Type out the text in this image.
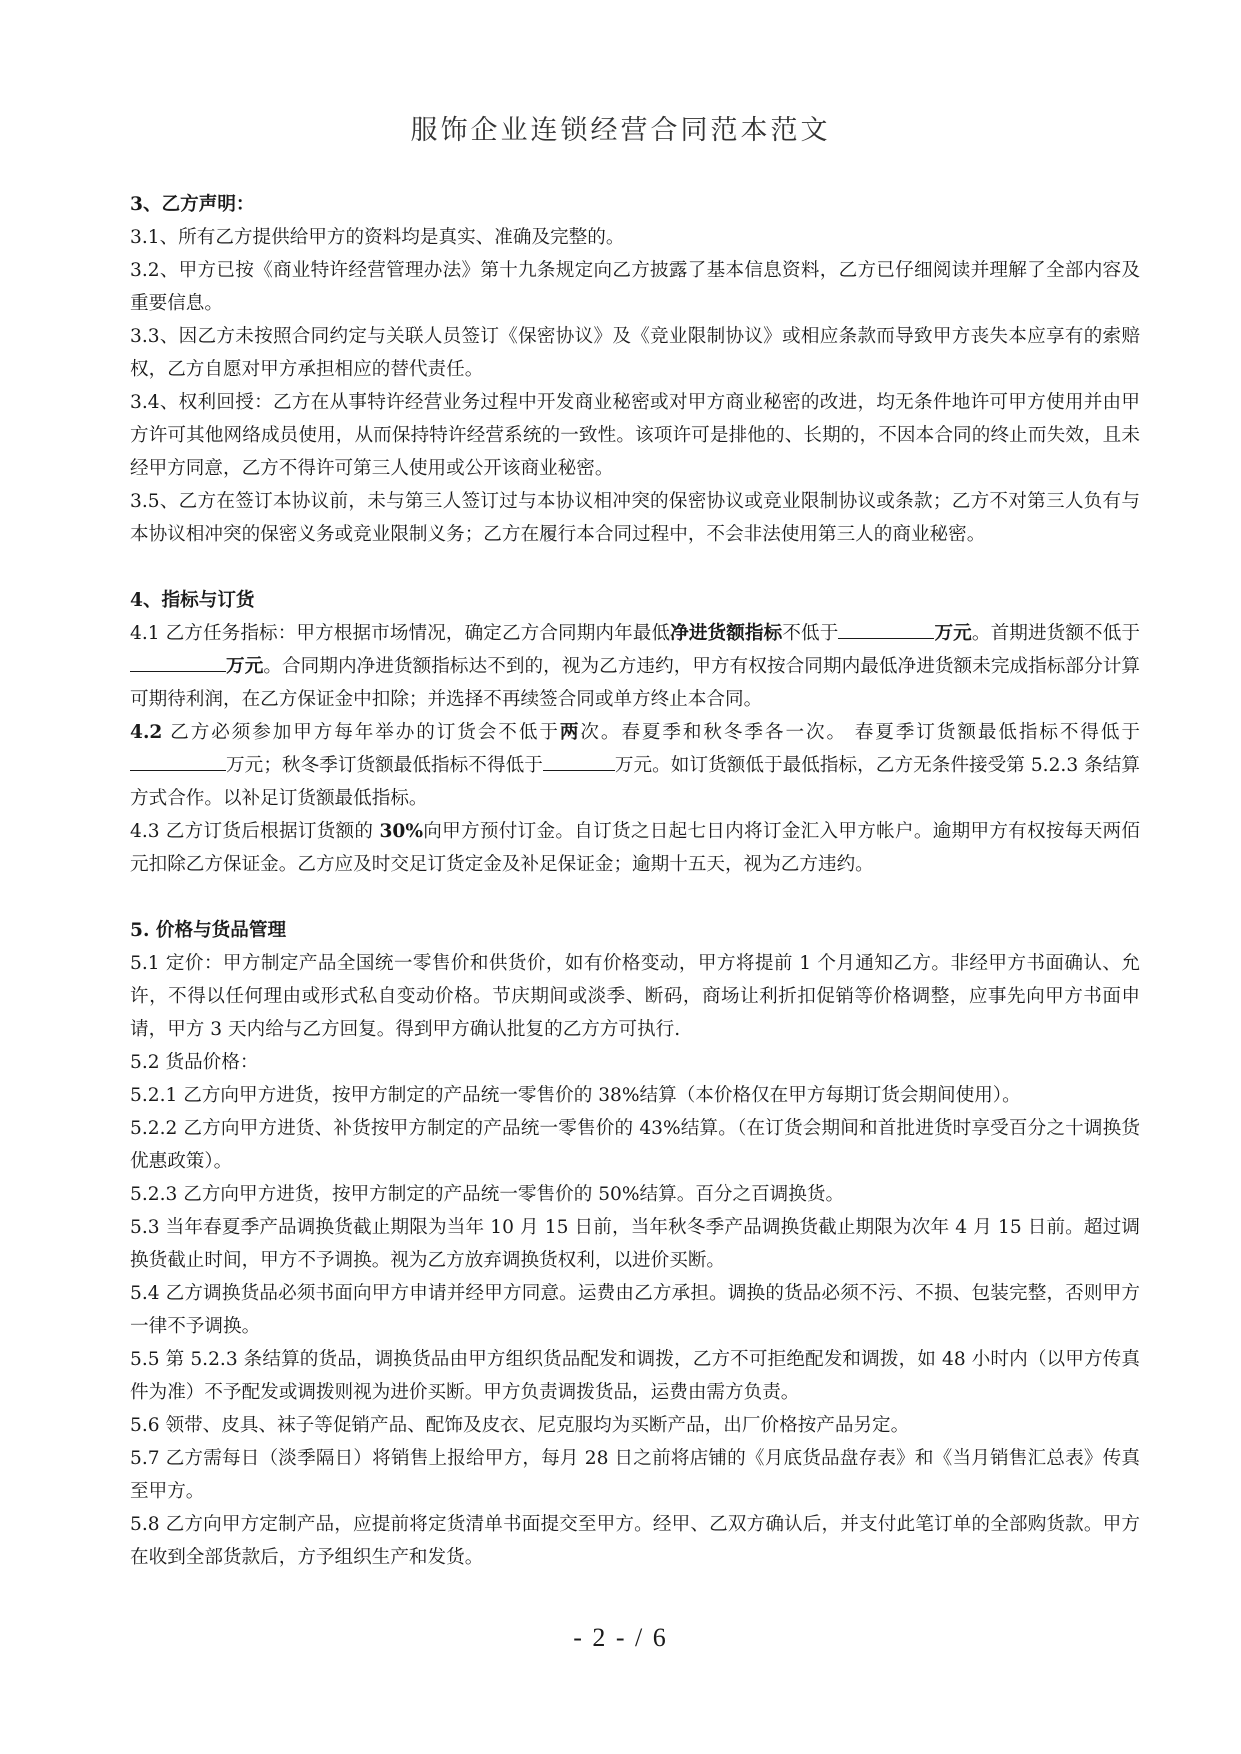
服饰企业连锁经营合同范本范文

3、乙方声明：

3.1、所有乙方提供给甲方的资料均是真实、准确及完整的。

3.2、甲方已按《商业特许经营管理办法》第十九条规定向乙方披露了基本信息资料，乙方已仔细阅读并理解了全部内容及重要信息。

3.3、因乙方未按照合同约定与关联人员签订《保密协议》及《竞业限制协议》或相应条款而导致甲方丧失本应享有的索赔权，乙方自愿对甲方承担相应的替代责任。

3.4、权利回授：乙方在从事特许经营业务过程中开发商业秘密或对甲方商业秘密的改进，均无条件地许可甲方使用并由甲方许可其他网络成员使用，从而保持特许经营系统的一致性。该项许可是排他的、长期的，不因本合同的终止而失效，且未经甲方同意，乙方不得许可第三人使用或公开该商业秘密。

3.5、乙方在签订本协议前，未与第三人签订过与本协议相冲突的保密协议或竞业限制协议或条款；乙方不对第三人负有与本协议相冲突的保密义务或竞业限制义务；乙方在履行本合同过程中，不会非法使用第三人的商业秘密。

4、指标与订货

4.1 乙方任务指标：甲方根据市场情况，确定乙方合同期内年最低净进货额指标不低于	万元。首期进货额不低于万元。合同期内净进货额指标达不到的，视为乙方违约，甲方有权按合同期内最低净进货额未完成指标部分计算可期待利润，在乙方保证金中扣除；并选择不再续签合同或单方终止本合同。

4.2 乙方必须参加甲方每年举办的订货会不低于两次。春夏季和秋冬季各一次。 春夏季订货额最低指标不得低于万元；秋冬季订货额最低指标不得低于	万元。如订货额低于最低指标，乙方无条件接受第 5.2.3 条结算方式合作。以补足订货额最低指标。

4.3 乙方订货后根据订货额的 30%向甲方预付订金。自订货之日起七日内将订金汇入甲方帐户。逾期甲方有权按每天两佰元扣除乙方保证金。乙方应及时交足订货定金及补足保证金；逾期十五天，视为乙方违约。

5. 价格与货品管理

5.1 定价：甲方制定产品全国统一零售价和供货价，如有价格变动，甲方将提前 1 个月通知乙方。非经甲方书面确认、允许，不得以任何理由或形式私自变动价格。节庆期间或淡季、断码，商场让利折扣促销等价格调整，应事先向甲方书面申请，甲方 3 天内给与乙方回复。得到甲方确认批复的乙方方可执行.

5.2 货品价格：

5.2.1 乙方向甲方进货，按甲方制定的产品统一零售价的 38%结算（本价格仅在甲方每期订货会期间使用）。

5.2.2 乙方向甲方进货、补货按甲方制定的产品统一零售价的 43%结算。（在订货会期间和首批进货时享受百分之十调换货优惠政策）。

5.2.3 乙方向甲方进货，按甲方制定的产品统一零售价的 50%结算。百分之百调换货。

5.3 当年春夏季产品调换货截止期限为当年 10 月 15 日前，当年秋冬季产品调换货截止期限为次年 4 月 15 日前。超过调换货截止时间，甲方不予调换。视为乙方放弃调换货权利，以进价买断。

5.4 乙方调换货品必须书面向甲方申请并经甲方同意。运费由乙方承担。调换的货品必须不污、不损、包装完整，否则甲方一律不予调换。

5.5 第 5.2.3 条结算的货品，调换货品由甲方组织货品配发和调拨，乙方不可拒绝配发和调拨，如 48 小时内（以甲方传真件为准）不予配发或调拨则视为进价买断。甲方负责调拨货品，运费由需方负责。

5.6 领带、皮具、袜子等促销产品、配饰及皮衣、尼克服均为买断产品，出厂价格按产品另定。

5.7 乙方需每日（淡季隔日）将销售上报给甲方，每月 28 日之前将店铺的《月底货品盘存表》和《当月销售汇总表》传真至甲方。

5.8 乙方向甲方定制产品，应提前将定货清单书面提交至甲方。经甲、乙双方确认后，并支付此笔订单的全部购货款。甲方在收到全部货款后，方予组织生产和发货。

- 2 - / 6
